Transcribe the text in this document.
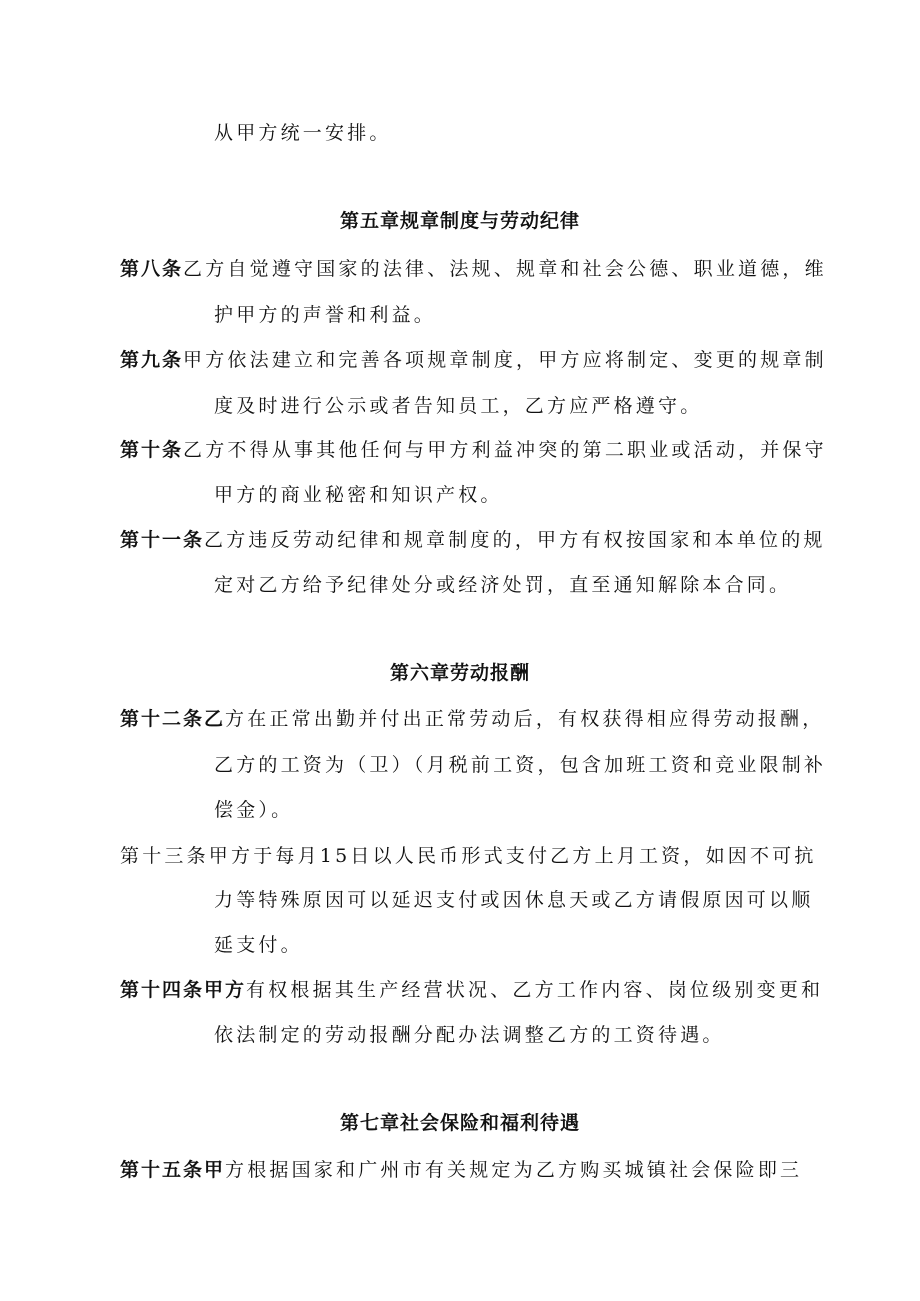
从甲方统一安排。
第五章规章制度与劳动纪律
第八条乙方自觉遵守国家的法律、法规、规章和社会公德、职业道德，维
护甲方的声誉和利益。
第九条甲方依法建立和完善各项规章制度，甲方应将制定、变更的规章制
度及时进行公示或者告知员工，乙方应严格遵守。
第十条乙方不得从事其他任何与甲方利益冲突的第二职业或活动，并保守
甲方的商业秘密和知识产权。
第十一条乙方违反劳动纪律和规章制度的，甲方有权按国家和本单位的规
定对乙方给予纪律处分或经济处罚，直至通知解除本合同。
第六章劳动报酬
第十二条乙方在正常出勤并付出正常劳动后，有权获得相应得劳动报酬，
乙方的工资为（卫）（月税前工资，包含加班工资和竞业限制补
偿金）。
第十三条甲方于每月15日以人民币形式支付乙方上月工资，如因不可抗
力等特殊原因可以延迟支付或因休息天或乙方请假原因可以顺
延支付。
第十四条甲方有权根据其生产经营状况、乙方工作内容、岗位级别变更和
依法制定的劳动报酬分配办法调整乙方的工资待遇。
第七章社会保险和福利待遇
第十五条甲方根据国家和广州市有关规定为乙方购买城镇社会保险即三
